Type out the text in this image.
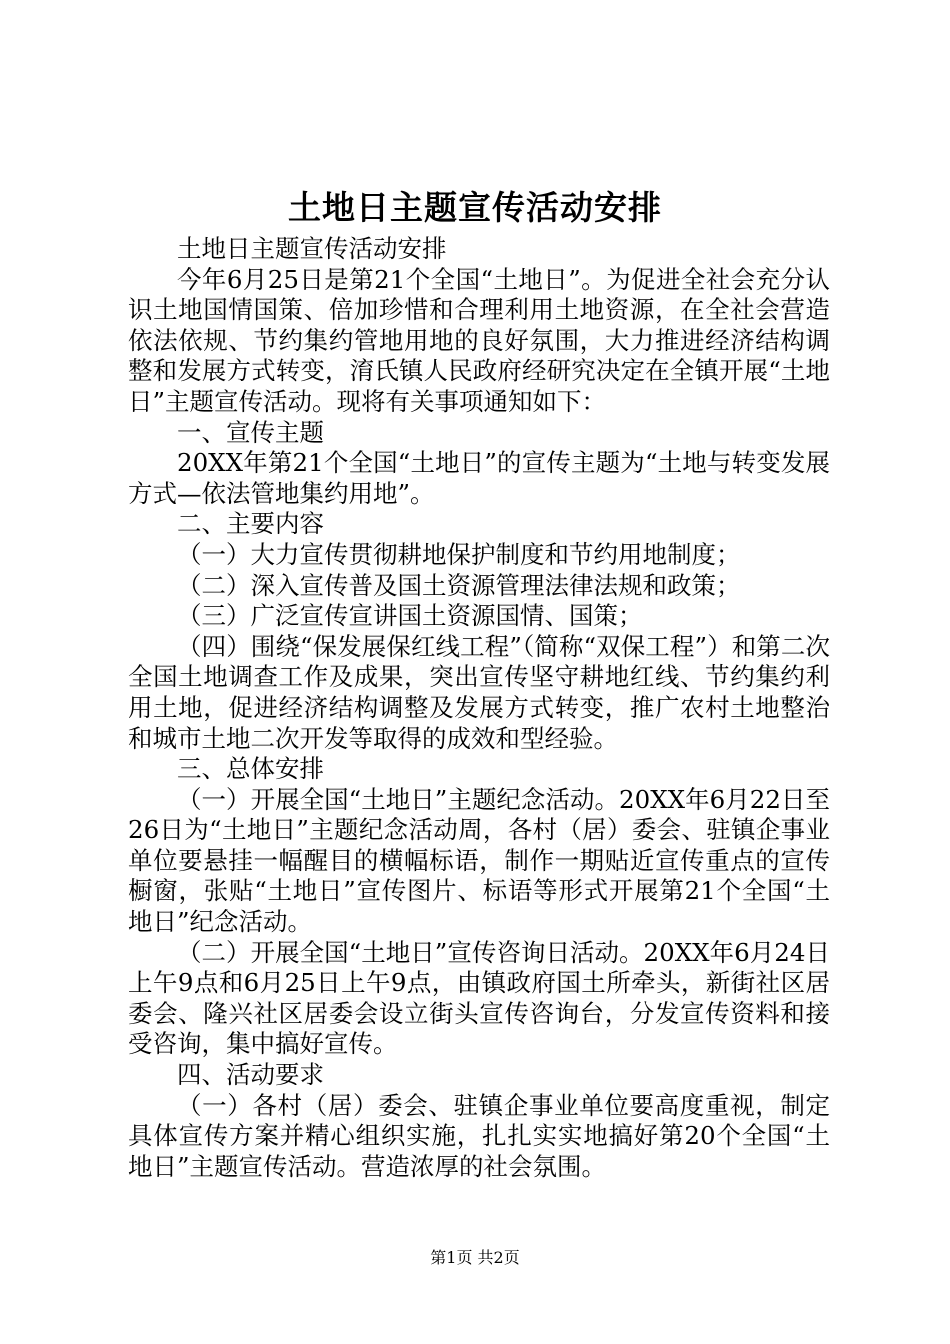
土地日主题宣传活动安排

土地日主题宣传活动安排

今年6月25日是第21个全国“土地日”。为促进全社会充分认识土地国情国策、倍加珍惜和合理利用土地资源，在全社会营造依法依规、节约集约管地用地的良好氛围，大力推进经济结构调整和发展方式转变，淯氏镇人民政府经研究决定在全镇开展“土地日”主题宣传活动。现将有关事项通知如下：

一、宣传主题

20XX年第21个全国“土地日”的宣传主题为“土地与转变发展方式—依法管地集约用地”。

二、主要内容

（一）大力宣传贯彻耕地保护制度和节约用地制度；

（二）深入宣传普及国土资源管理法律法规和政策；

（三）广泛宣传宣讲国土资源国情、国策；

（四）围绕“保发展保红线工程”（简称“双保工程”）和第二次全国土地调查工作及成果，突出宣传坚守耕地红线、节约集约利用土地，促进经济结构调整及发展方式转变，推广农村土地整治和城市土地二次开发等取得的成效和型经验。

三、总体安排

（一）开展全国“土地日”主题纪念活动。20XX年6月22日至26日为“土地日”主题纪念活动周，各村（居）委会、驻镇企事业单位要悬挂一幅醒目的横幅标语，制作一期贴近宣传重点的宣传橱窗，张贴“土地日”宣传图片、标语等形式开展第21个全国“土地日”纪念活动。

（二）开展全国“土地日”宣传咨询日活动。20XX年6月24日上午9点和6月25日上午9点，由镇政府国土所牵头，新街社区居委会、隆兴社区居委会设立街头宣传咨询台，分发宣传资料和接受咨询，集中搞好宣传。

四、活动要求

（一）各村（居）委会、驻镇企事业单位要高度重视，制定具体宣传方案并精心组织实施，扎扎实实地搞好第20个全国“土地日”主题宣传活动。营造浓厚的社会氛围。

第1页 共2页
